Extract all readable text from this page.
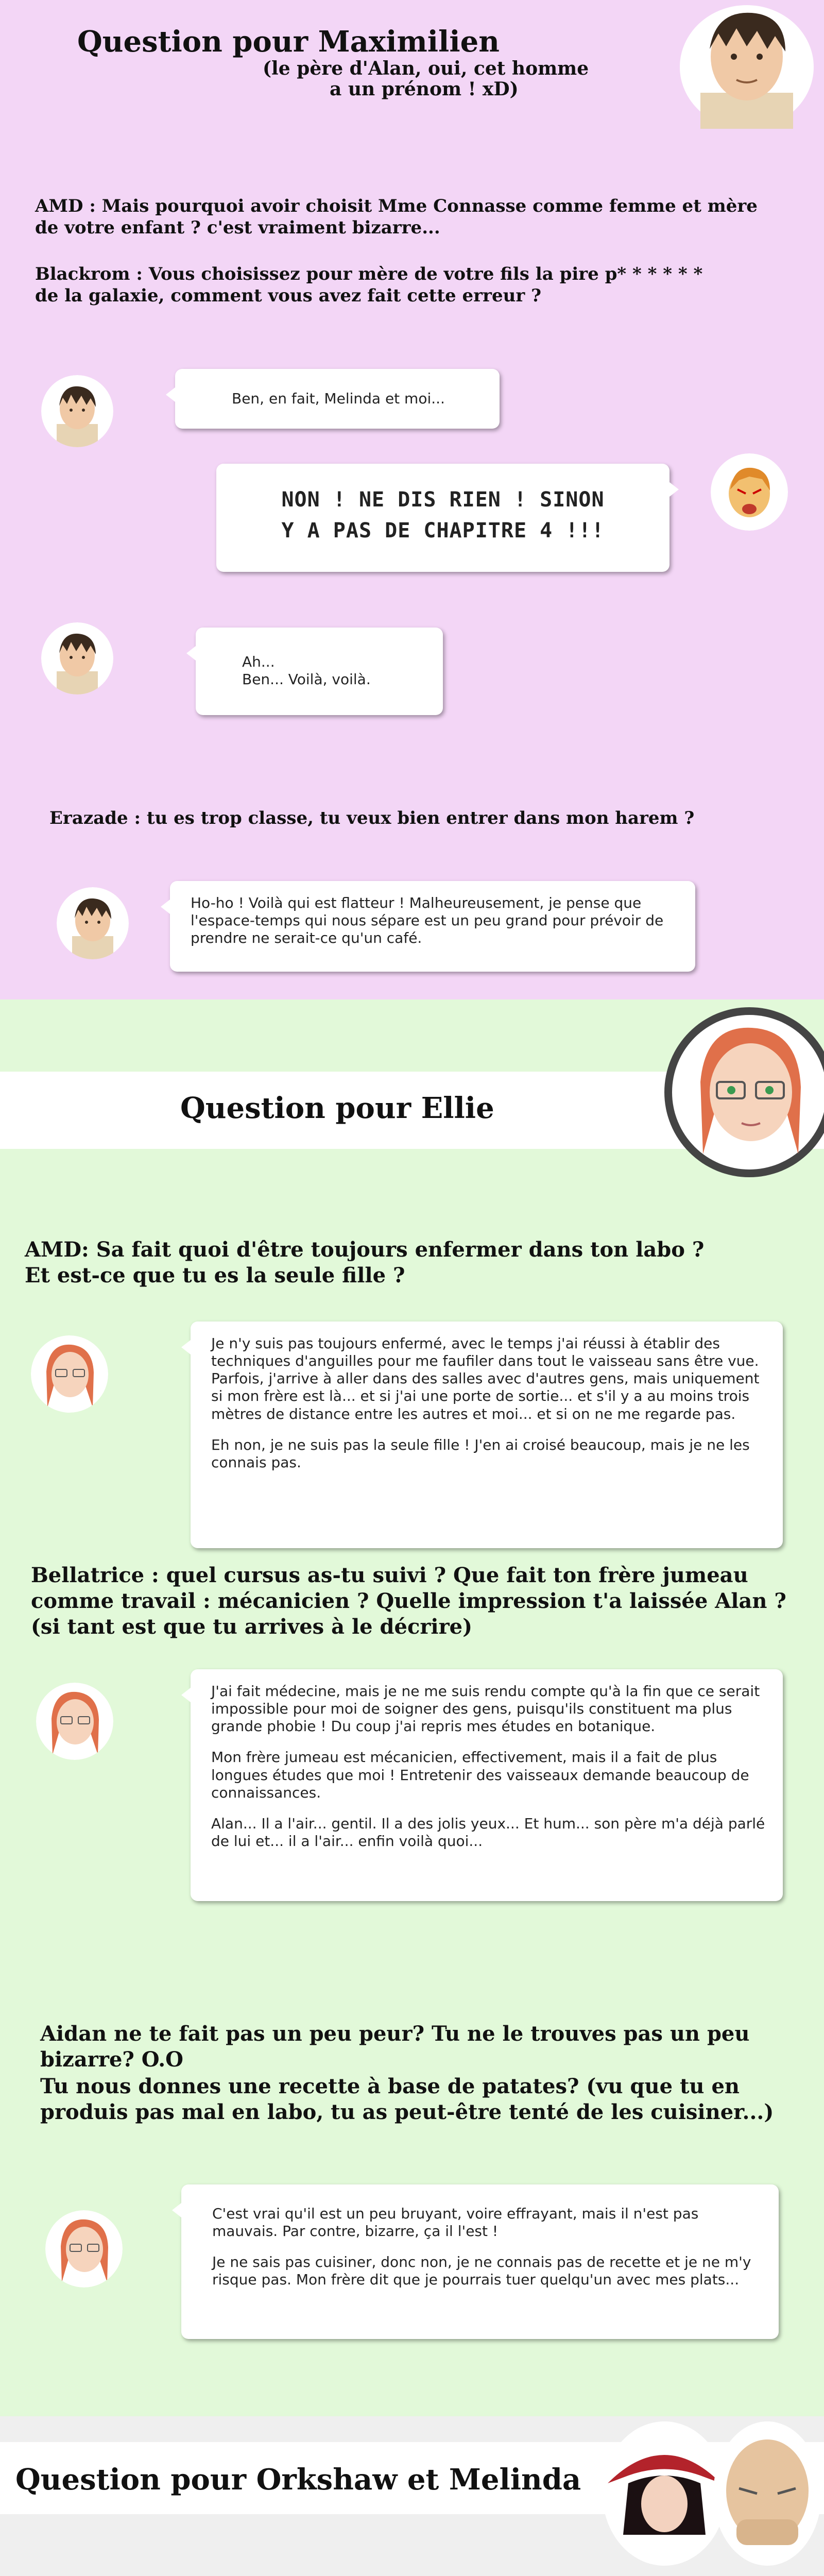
Question pour Maximilien
(le père d'Alan, oui, cet homme
a un prénom ! xD)
AMD : Mais pourquoi avoir choisit Mme Connasse comme femme et mère
de votre enfant ? c'est vraiment bizarre...
Blackrom : Vous choisissez pour mère de votre fils la pire p* * * * * *
de la galaxie, comment vous avez fait cette erreur ?
Ben, en fait, Melinda et moi...
NON ! NE DIS RIEN ! SINON
Y A PAS DE CHAPITRE 4 !!!
Ah...
Ben... Voilà, voilà.
Erazade : tu es trop classe, tu veux bien entrer dans mon harem ?
Ho-ho ! Voilà qui est flatteur ! Malheureusement, je pense que l'espace-temps qui nous sépare est un peu grand pour prévoir de prendre ne serait-ce qu'un café.
Question pour Ellie
AMD: Sa fait quoi d'être toujours enfermer dans ton labo ?
Et est-ce que tu es la seule fille ?

Je n'y suis pas toujours enfermé, avec le temps j'ai réussi à établir des techniques d'anguilles pour me faufiler dans tout le vaisseau sans être vue. Parfois, j'arrive à aller dans des salles avec d'autres gens, mais uniquement si mon frère est là... et si j'ai une porte de sortie... et s'il y a au moins trois mètres de distance entre les autres et moi... et si on ne me regarde pas.

Eh non, je ne suis pas la seule fille ! J'en ai croisé beaucoup, mais je ne les connais pas.

Bellatrice : quel cursus as-tu suivi ? Que fait ton frère jumeau
comme travail : mécanicien ? Quelle impression t'a laissée Alan ?
(si tant est que tu arrives à le décrire)

J'ai fait médecine, mais je ne me suis rendu compte qu'à la fin que ce serait impossible pour moi de soigner des gens, puisqu'ils constituent ma plus grande phobie ! Du coup j'ai repris mes études en botanique.

Mon frère jumeau est mécanicien, effectivement, mais il a fait de plus longues études que moi ! Entretenir des vaisseaux demande beaucoup de connaissances.

Alan... Il a l'air... gentil. Il a des jolis yeux... Et hum... son père m'a déjà parlé de lui et... il a l'air... enfin voilà quoi...

Aidan ne te fait pas un peu peur? Tu ne le trouves pas un peu
bizarre? O.O
Tu nous donnes une recette à base de patates? (vu que tu en
produis pas mal en labo, tu as peut-être tenté de les cuisiner...)

C'est vrai qu'il est un peu bruyant, voire effrayant, mais il n'est pas mauvais. Par contre, bizarre, ça il l'est !

Je ne sais pas cuisiner, donc non, je ne connais pas de recette et je ne m'y risque pas. Mon frère dit que je pourrais tuer quelqu'un avec mes plats...

Question pour Orkshaw et Melinda
